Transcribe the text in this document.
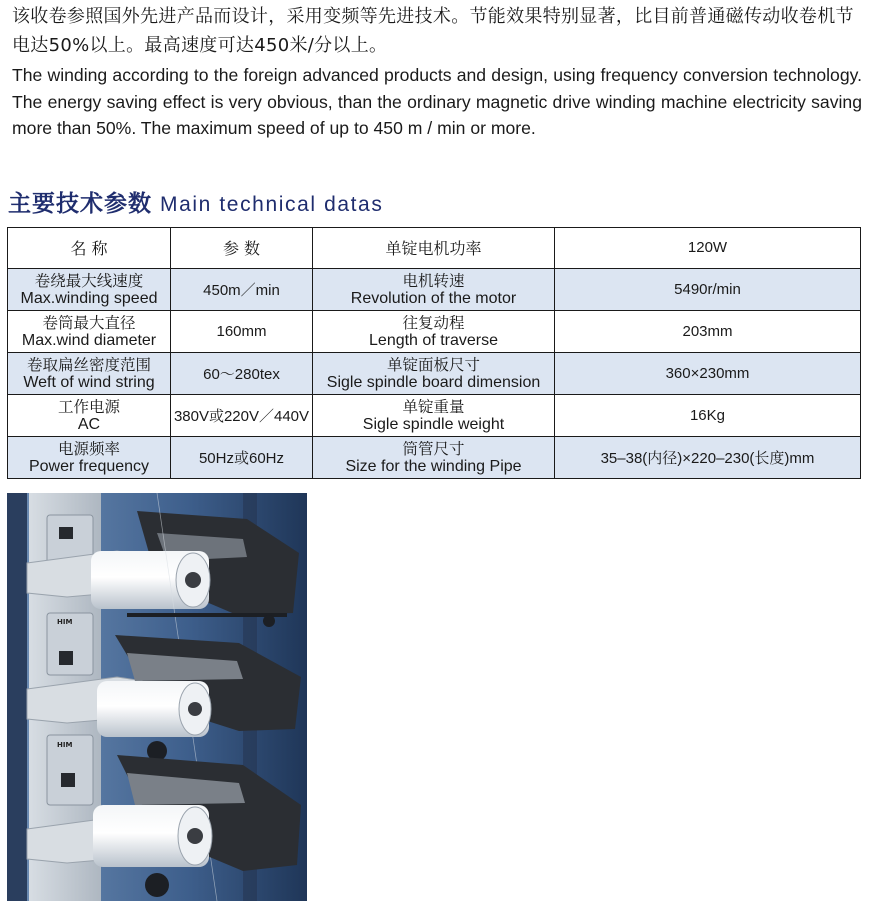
该收卷参照国外先进产品而设计，采用变频等先进技术。节能效果特别显著，比目前普通磁传动收卷机节电达50%以上。最高速度可达450米/分以上。
The winding according to the foreign advanced products and design, using frequency conversion technology. The energy saving effect is very obvious, than the ordinary magnetic drive winding machine electricity saving more than 50%. The maximum speed of up to 450 m / min or more.
主要技术参数 Main technical datas
名 称	参 数	单锭电机功率	120W

卷绕最大线速度
Max.winding speed	450m／min	电机转速
Revolution of the motor	5490r/min

卷筒最大直径
Max.wind diameter	160mm	往复动程
Length of traverse	203mm

卷取扁丝密度范围
Weft of wind string	60～280tex	单锭面板尺寸
Sigle spindle board dimension	360×230mm

工作电源
AC	380V或220V／440V	单锭重量
Sigle spindle weight	16Kg

电源频率
Power frequency	50Hz或60Hz	筒管尺寸
Size for the winding Pipe	35–38(内径)×220–230(长度)mm
HIM
HIM
